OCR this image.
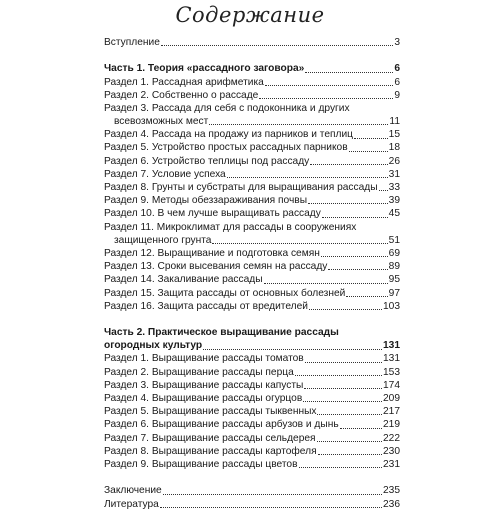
Содержание
Вступление	3
Часть 1. Теория «рассадного заговора»	6
Раздел 1. Рассадная арифметика	6
Раздел 2. Собственно о рассаде	9
Раздел 3. Рассада для себя с подоконника и других
всевозможных мест	11
Раздел 4. Рассада на продажу из парников и теплиц	15
Раздел 5. Устройство простых рассадных парников	18
Раздел 6. Устройство теплицы под рассаду	26
Раздел 7. Условие успеха	31
Раздел 8. Грунты и субстраты для выращивания рассады 33
Раздел 9. Методы обеззараживания почвы	39
Раздел 10. В чем лучше выращивать рассаду	45
Раздел 11. Микроклимат для рассады в сооружениях
защищенного грунта	51
Раздел 12. Выращивание и подготовка семян	69
Раздел 13. Сроки высевания семян на рассаду	89
Раздел 14. Закаливание рассады	95
Раздел 15. Защита рассады от основных болезней	97
Раздел 16. Защита рассады от вредителей	103
Часть 2. Практическое выращивание рассады
огородных культур	131
Раздел 1. Выращивание рассады томатов	131
Раздел 2. Выращивание рассады перца	153
Раздел 3. Выращивание рассады капусты	174
Раздел 4. Выращивание рассады огурцов	209
Раздел 5. Выращивание рассады тыквенных	217
Раздел 6. Выращивание рассады арбузов и дынь	219
Раздел 7. Выращивание рассады сельдерея	222
Раздел 8. Выращивание рассады картофеля	230
Раздел 9. Выращивание рассады цветов	231
Заключение	235
Литература	236
